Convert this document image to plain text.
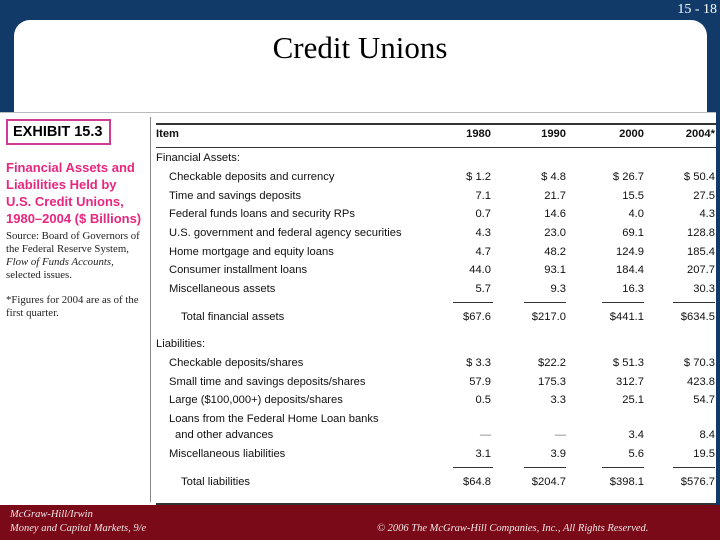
15 - 18
Credit Unions
EXHIBIT 15.3
Financial Assets and Liabilities Held by U.S. Credit Unions, 1980–2004 ($ Billions)
Source: Board of Governors of the Federal Reserve System, Flow of Funds Accounts, selected issues.
*Figures for 2004 are as of the first quarter.
Item	1980	1990	2000	2004*
Financial Assets:
Checkable deposits and currency	$ 1.2	$ 4.8	$ 26.7	$ 50.4
Time and savings deposits	7.1	21.7	15.5	27.5
Federal funds loans and security RPs	0.7	14.6	4.0	4.3
U.S. government and federal agency securities	4.3	23.0	69.1	128.8
Home mortgage and equity loans	4.7	48.2	124.9	185.4
Consumer installment loans	44.0	93.1	184.4	207.7
Miscellaneous assets	5.7	9.3	16.3	30.3
Total financial assets	$67.6	$217.0	$441.1	$634.5
Liabilities:
Checkable deposits/shares	$ 3.3	$22.2	$ 51.3	$ 70.3
Small time and savings deposits/shares	57.9	175.3	312.7	423.8
Large ($100,000+) deposits/shares	0.5	3.3	25.1	54.7
Loans from the Federal Home Loan banks
and other advances	—	—	3.4	8.4
Miscellaneous liabilities	3.1	3.9	5.6	19.5
Total liabilities	$64.8	$204.7	$398.1	$576.7
McGraw-Hill/Irwin
Money and Capital Markets, 9/e	© 2006 The McGraw-Hill Companies, Inc., All Rights Reserved.
